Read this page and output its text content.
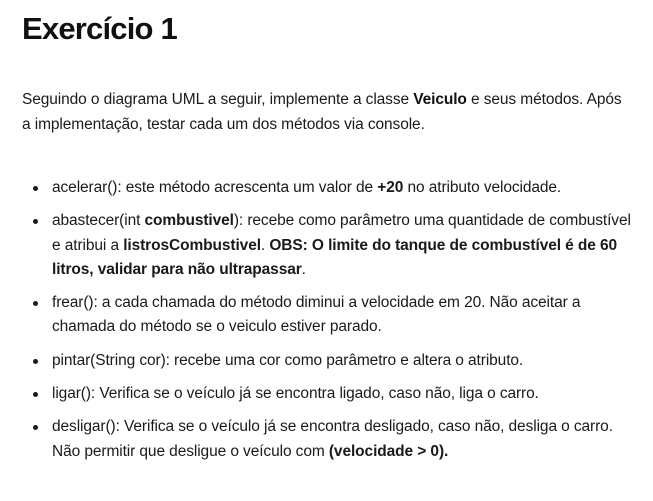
Exercício 1

Seguindo o diagrama UML a seguir, implemente a classe Veiculo e seus métodos. Após a implementação, testar cada um dos métodos via console.

acelerar(): este método acrescenta um valor de +20 no atributo velocidade.
abastecer(int combustivel): recebe como parâmetro uma quantidade de combustível e atribui a listrosCombustivel. OBS: O limite do tanque de combustível é de 60 litros, validar para não ultrapassar.
frear(): a cada chamada do método diminui a velocidade em 20. Não aceitar a chamada do método se o veiculo estiver parado.
pintar(String cor): recebe uma cor como parâmetro e altera o atributo.
ligar(): Verifica se o veículo já se encontra ligado, caso não, liga o carro.
desligar(): Verifica se o veículo já se encontra desligado, caso não, desliga o carro. Não permitir que desligue o veículo com (velocidade > 0).
